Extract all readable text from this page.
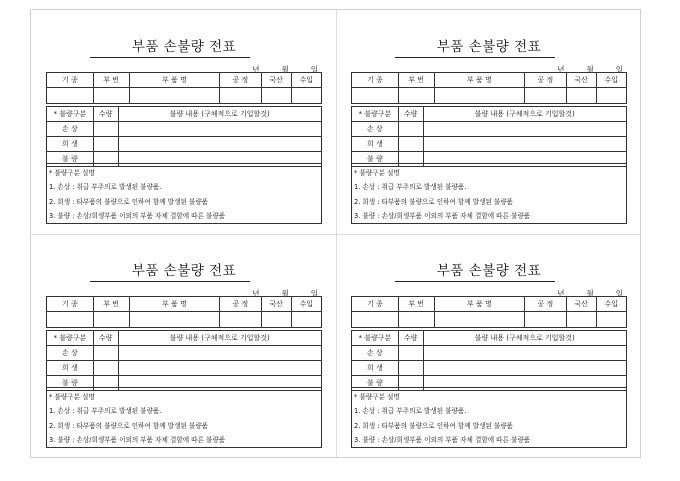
부품 손불량 전표
년	월	일
기 종	부 번	부 품 명	공 정	국산	수입

* 불량구분	수량	불량 내용 (구체적으로 기입할것)
손 상		
희 생		
불 량		
* 불량구분 설명
1. 손상 : 취급 부주의로 발생된 불량품.
2. 희생 : 타부품의 불량으로 인하여 함께 발생된 불량품
3. 불량 : 손상/희생부품 이외의 부품 자체 결함에 따른 불량품
부품 손불량 전표
년	월	일
기 종	부 번	부 품 명	공 정	국산	수입

* 불량구분	수량	불량 내용 (구체적으로 기입할것)
손 상		
희 생		
불 량		
* 불량구분 설명
1. 손상 : 취급 부주의로 발생된 불량품.
2. 희생 : 타부품의 불량으로 인하여 함께 발생된 불량품
3. 불량 : 손상/희생부품 이외의 부품 자체 결함에 따른 불량품
부품 손불량 전표
년	월	일
기 종	부 번	부 품 명	공 정	국산	수입

* 불량구분	수량	불량 내용 (구체적으로 기입할것)
손 상		
희 생		
불 량		
* 불량구분 설명
1. 손상 : 취급 부주의로 발생된 불량품.
2. 희생 : 타부품의 불량으로 인하여 함께 발생된 불량품
3. 불량 : 손상/희생부품 이외의 부품 자체 결함에 따른 불량품
부품 손불량 전표
년	월	일
기 종	부 번	부 품 명	공 정	국산	수입

* 불량구분	수량	불량 내용 (구체적으로 기입할것)
손 상		
희 생		
불 량		
* 불량구분 설명
1. 손상 : 취급 부주의로 발생된 불량품.
2. 희생 : 타부품의 불량으로 인하여 함께 발생된 불량품
3. 불량 : 손상/희생부품 이외의 부품 자체 결함에 따른 불량품
